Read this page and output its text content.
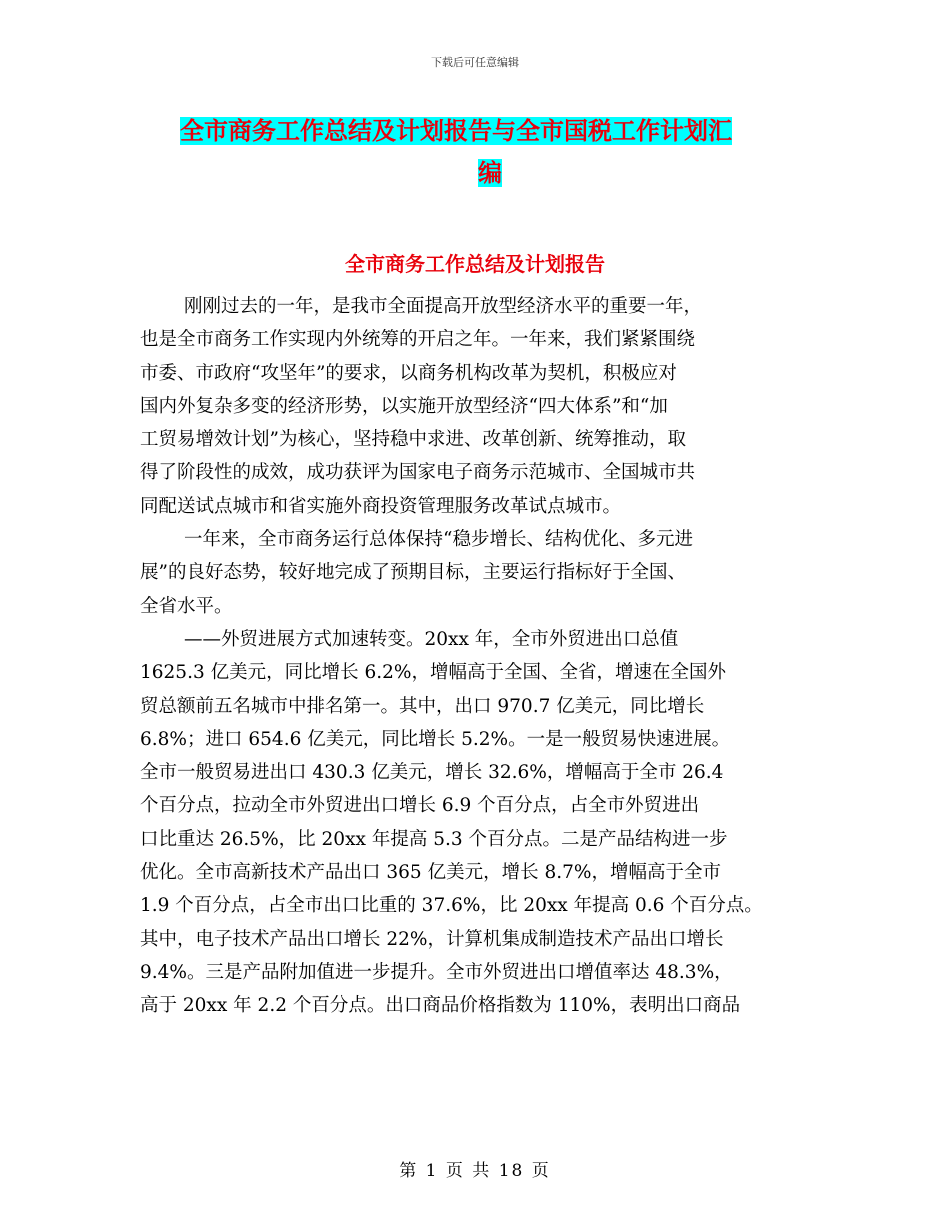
下载后可任意编辑
全市商务工作总结及计划报告与全市国税工作计划汇
编
全市商务工作总结及计划报告

刚刚过去的一年，是我市全面提高开放型经济水平的重要一年，
也是全市商务工作实现内外统筹的开启之年。一年来，我们紧紧围绕
市委、市政府“攻坚年”的要求，以商务机构改革为契机，积极应对
国内外复杂多变的经济形势，以实施开放型经济“四大体系”和“加
工贸易增效计划”为核心，坚持稳中求进、改革创新、统筹推动，取
得了阶段性的成效，成功获评为国家电子商务示范城市、全国城市共
同配送试点城市和省实施外商投资管理服务改革试点城市。

一年来，全市商务运行总体保持“稳步增长、结构优化、多元进
展”的良好态势，较好地完成了预期目标，主要运行指标好于全国、
全省水平。

——外贸进展方式加速转变。20xx 年，全市外贸进出口总值
1625.3 亿美元，同比增长 6.2%，增幅高于全国、全省，增速在全国外
贸总额前五名城市中排名第一。其中，出口 970.7 亿美元，同比增长
6.8%；进口 654.6 亿美元，同比增长 5.2%。一是一般贸易快速进展。
全市一般贸易进出口 430.3 亿美元，增长 32.6%，增幅高于全市 26.4
个百分点，拉动全市外贸进出口增长 6.9 个百分点，占全市外贸进出
口比重达 26.5%，比 20xx 年提高 5.3 个百分点。二是产品结构进一步
优化。全市高新技术产品出口 365 亿美元，增长 8.7%，增幅高于全市
1.9 个百分点，占全市出口比重的 37.6%，比 20xx 年提高 0.6 个百分点。
其中，电子技术产品出口增长 22%，计算机集成制造技术产品出口增长
9.4%。三是产品附加值进一步提升。全市外贸进出口增值率达 48.3%，
高于 20xx 年 2.2 个百分点。出口商品价格指数为 110%，表明出口商品

第 1 页 共 18 页
